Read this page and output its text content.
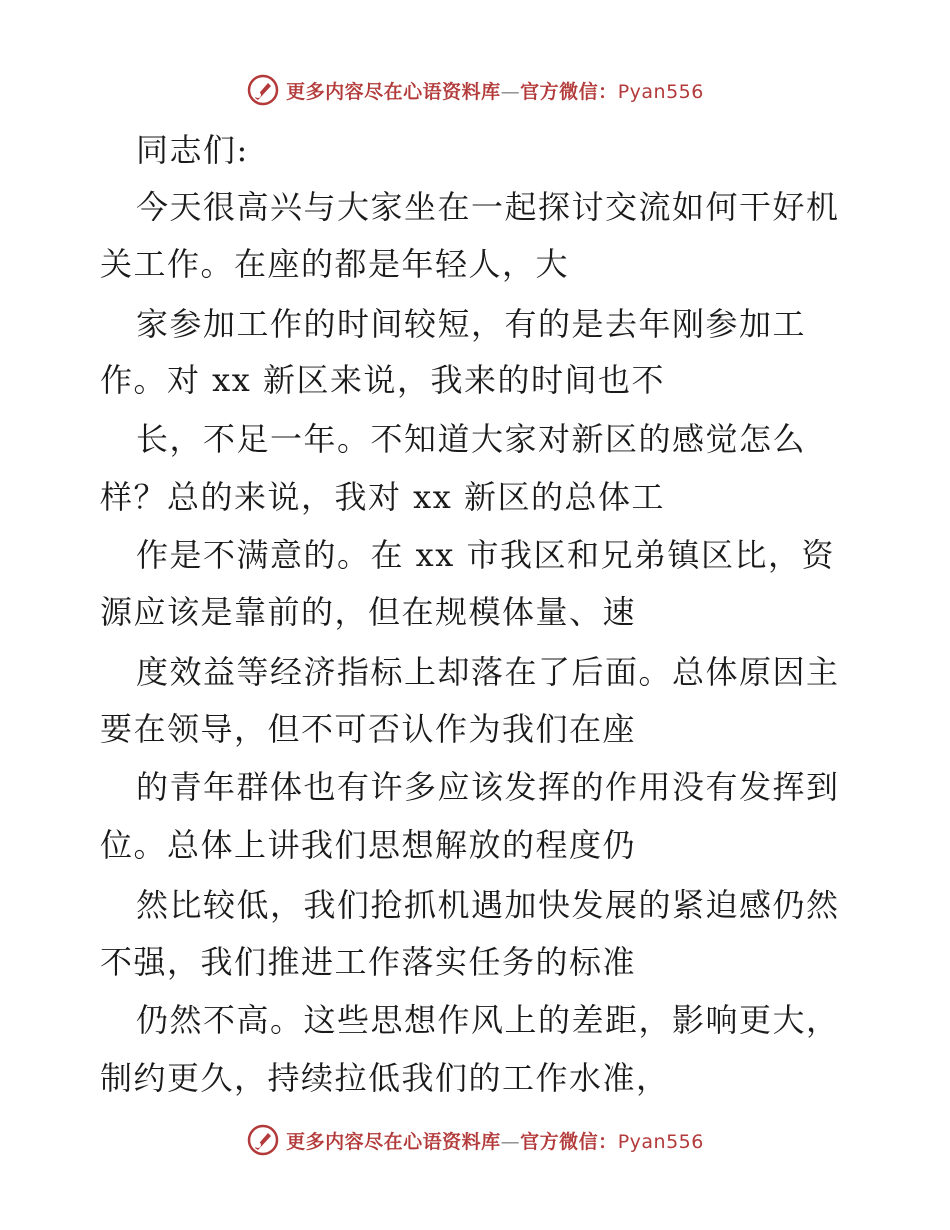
更多内容尽在心语资料库—官方微信：Pyan556
同志们:
今天很高兴与大家坐在一起探讨交流如何干好机
关工作。在座的都是年轻人，大
家参加工作的时间较短，有的是去年刚参加工
作。对 xx 新区来说，我来的时间也不
长，不足一年。不知道大家对新区的感觉怎么
样？总的来说，我对 xx 新区的总体工
作是不满意的。在 xx 市我区和兄弟镇区比，资
源应该是靠前的，但在规模体量、速
度效益等经济指标上却落在了后面。总体原因主
要在领导，但不可否认作为我们在座
的青年群体也有许多应该发挥的作用没有发挥到
位。总体上讲我们思想解放的程度仍
然比较低，我们抢抓机遇加快发展的紧迫感仍然
不强，我们推进工作落实任务的标准
仍然不高。这些思想作风上的差距，影响更大，
制约更久，持续拉低我们的工作水准，
更多内容尽在心语资料库—官方微信：Pyan556
